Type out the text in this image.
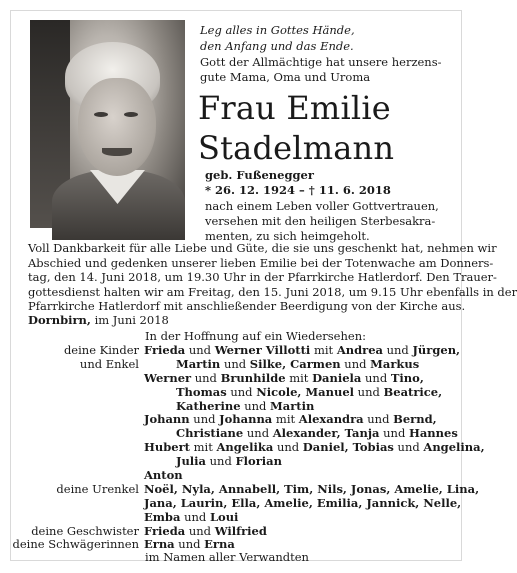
Leg alles in Gottes Hände,
den Anfang und das Ende.
Gott der Allmächtige hat unsere herzens-
gute Mama, Oma und Uroma
Frau Emilie
Stadelmann
geb. Fußenegger
* 26. 12. 1924 – † 11. 6. 2018
nach einem Leben voller Gottvertrauen,
versehen mit den heiligen Sterbesakra-
menten, zu sich heimgeholt.
Voll Dankbarkeit für alle Liebe und Güte, die sie uns geschenkt hat, nehmen wir
Abschied und gedenken unserer lieben Emilie bei der Totenwache am Donners-
tag, den 14. Juni 2018, um 19.30 Uhr in der Pfarrkirche Hatlerdorf. Den Trauer-
gottesdienst halten wir am Freitag, den 15. Juni 2018, um 9.15 Uhr ebenfalls in der
Pfarrkirche Hatlerdorf mit anschließender Beerdigung von der Kirche aus.
Dornbirn, im Juni 2018
In der Hoffnung auf ein Wiedersehen:
deine Kinder Frieda und Werner Villotti mit Andrea und Jürgen,
und Enkel	Martin und Silke, Carmen und Markus
Werner und Brunhilde mit Daniela und Tino,
Thomas und Nicole, Manuel und Beatrice,
Katherine und Martin
Johann und Johanna mit Alexandra und Bernd,
Christiane und Alexander, Tanja und Hannes
Hubert mit Angelika und Daniel, Tobias und Angelina,
Julia und Florian
Anton
deine Urenkel Noël, Nyla, Annabell, Tim, Nils, Jonas, Amelie, Lina,
Jana, Laurin, Ella, Amelie, Emilia, Jannick, Nelle,
Emba und Loui
deine Geschwister Frieda und Wilfried
deine Schwägerinnen Erna und Erna
im Namen aller Verwandten
